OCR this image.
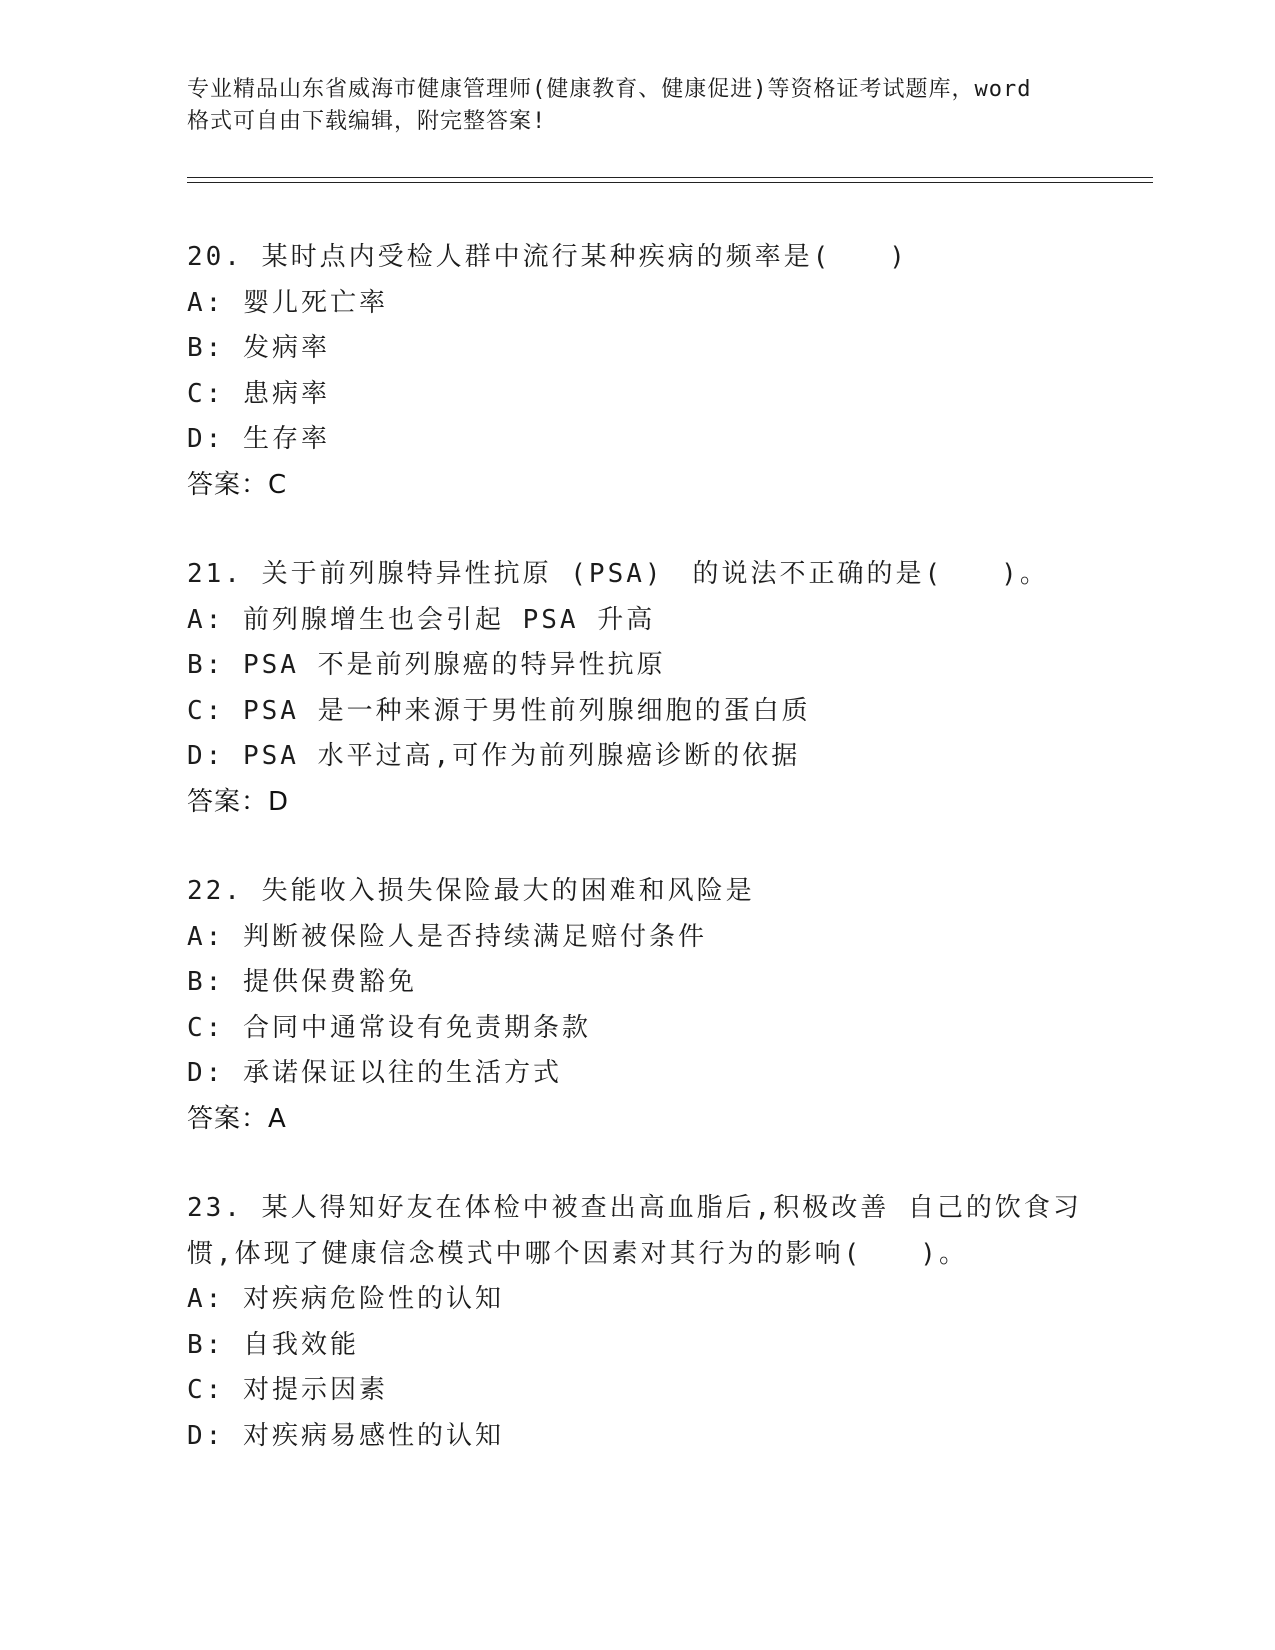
专业精品山东省威海市健康管理师(健康教育、健康促进)等资格证考试题库，word
格式可自由下载编辑，附完整答案!
20. 某时点内受检人群中流行某种疾病的频率是(　　)
A: 婴儿死亡率
B: 发病率
C: 患病率
D: 生存率
答案：C
21. 关于前列腺特异性抗原 (PSA)　的说法不正确的是(　　)。
A: 前列腺增生也会引起 PSA 升高
B: PSA 不是前列腺癌的特异性抗原
C: PSA 是一种来源于男性前列腺细胞的蛋白质
D: PSA 水平过高,可作为前列腺癌诊断的依据
答案：D
22. 失能收入损失保险最大的困难和风险是
A: 判断被保险人是否持续满足赔付条件
B: 提供保费豁免
C: 合同中通常设有免责期条款
D: 承诺保证以往的生活方式
答案：A
23. 某人得知好友在体检中被查出高血脂后,积极改善 自己的饮食习
惯,体现了健康信念模式中哪个因素对其行为的影响(　　)。
A: 对疾病危险性的认知
B: 自我效能
C: 对提示因素
D: 对疾病易感性的认知
